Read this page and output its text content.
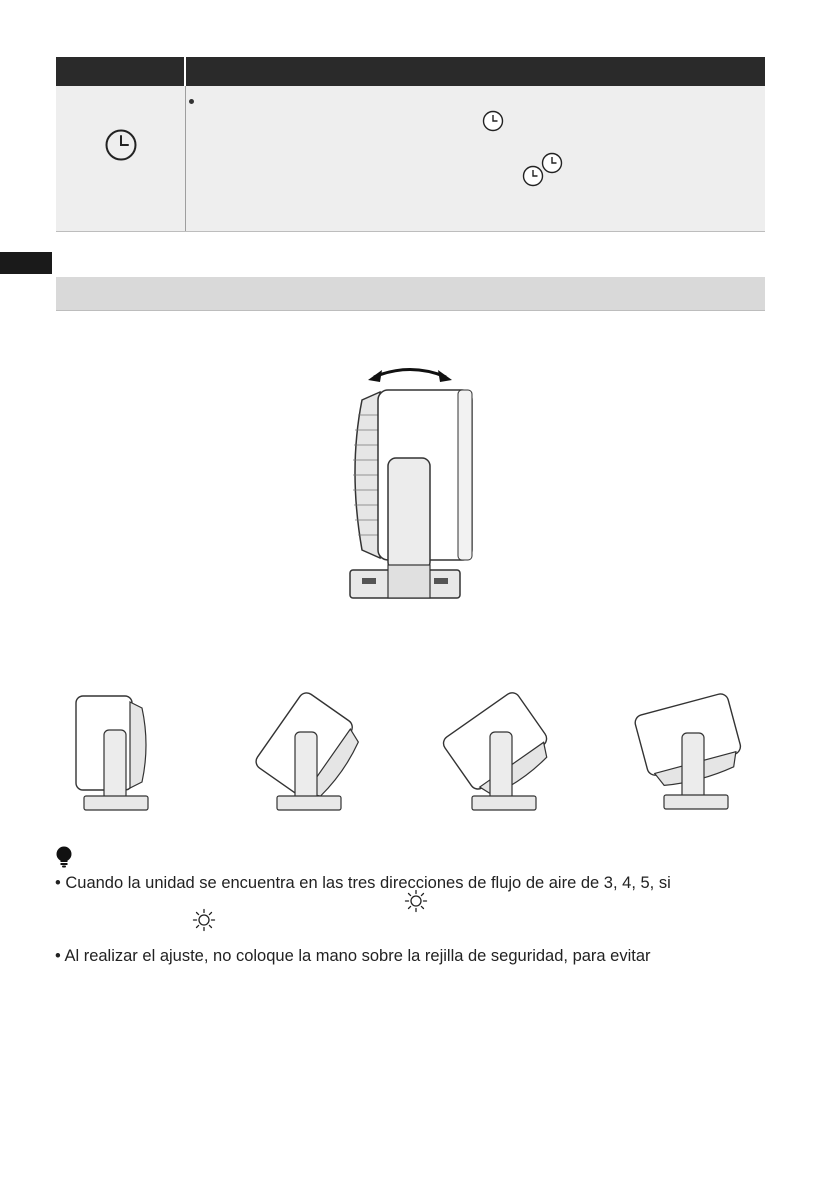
• Cuando la unidad se encuentra en las tres direcciones de flujo de aire de 3, 4, 5, si
• Al realizar el ajuste, no coloque la mano sobre la rejilla de seguridad, para evitar
